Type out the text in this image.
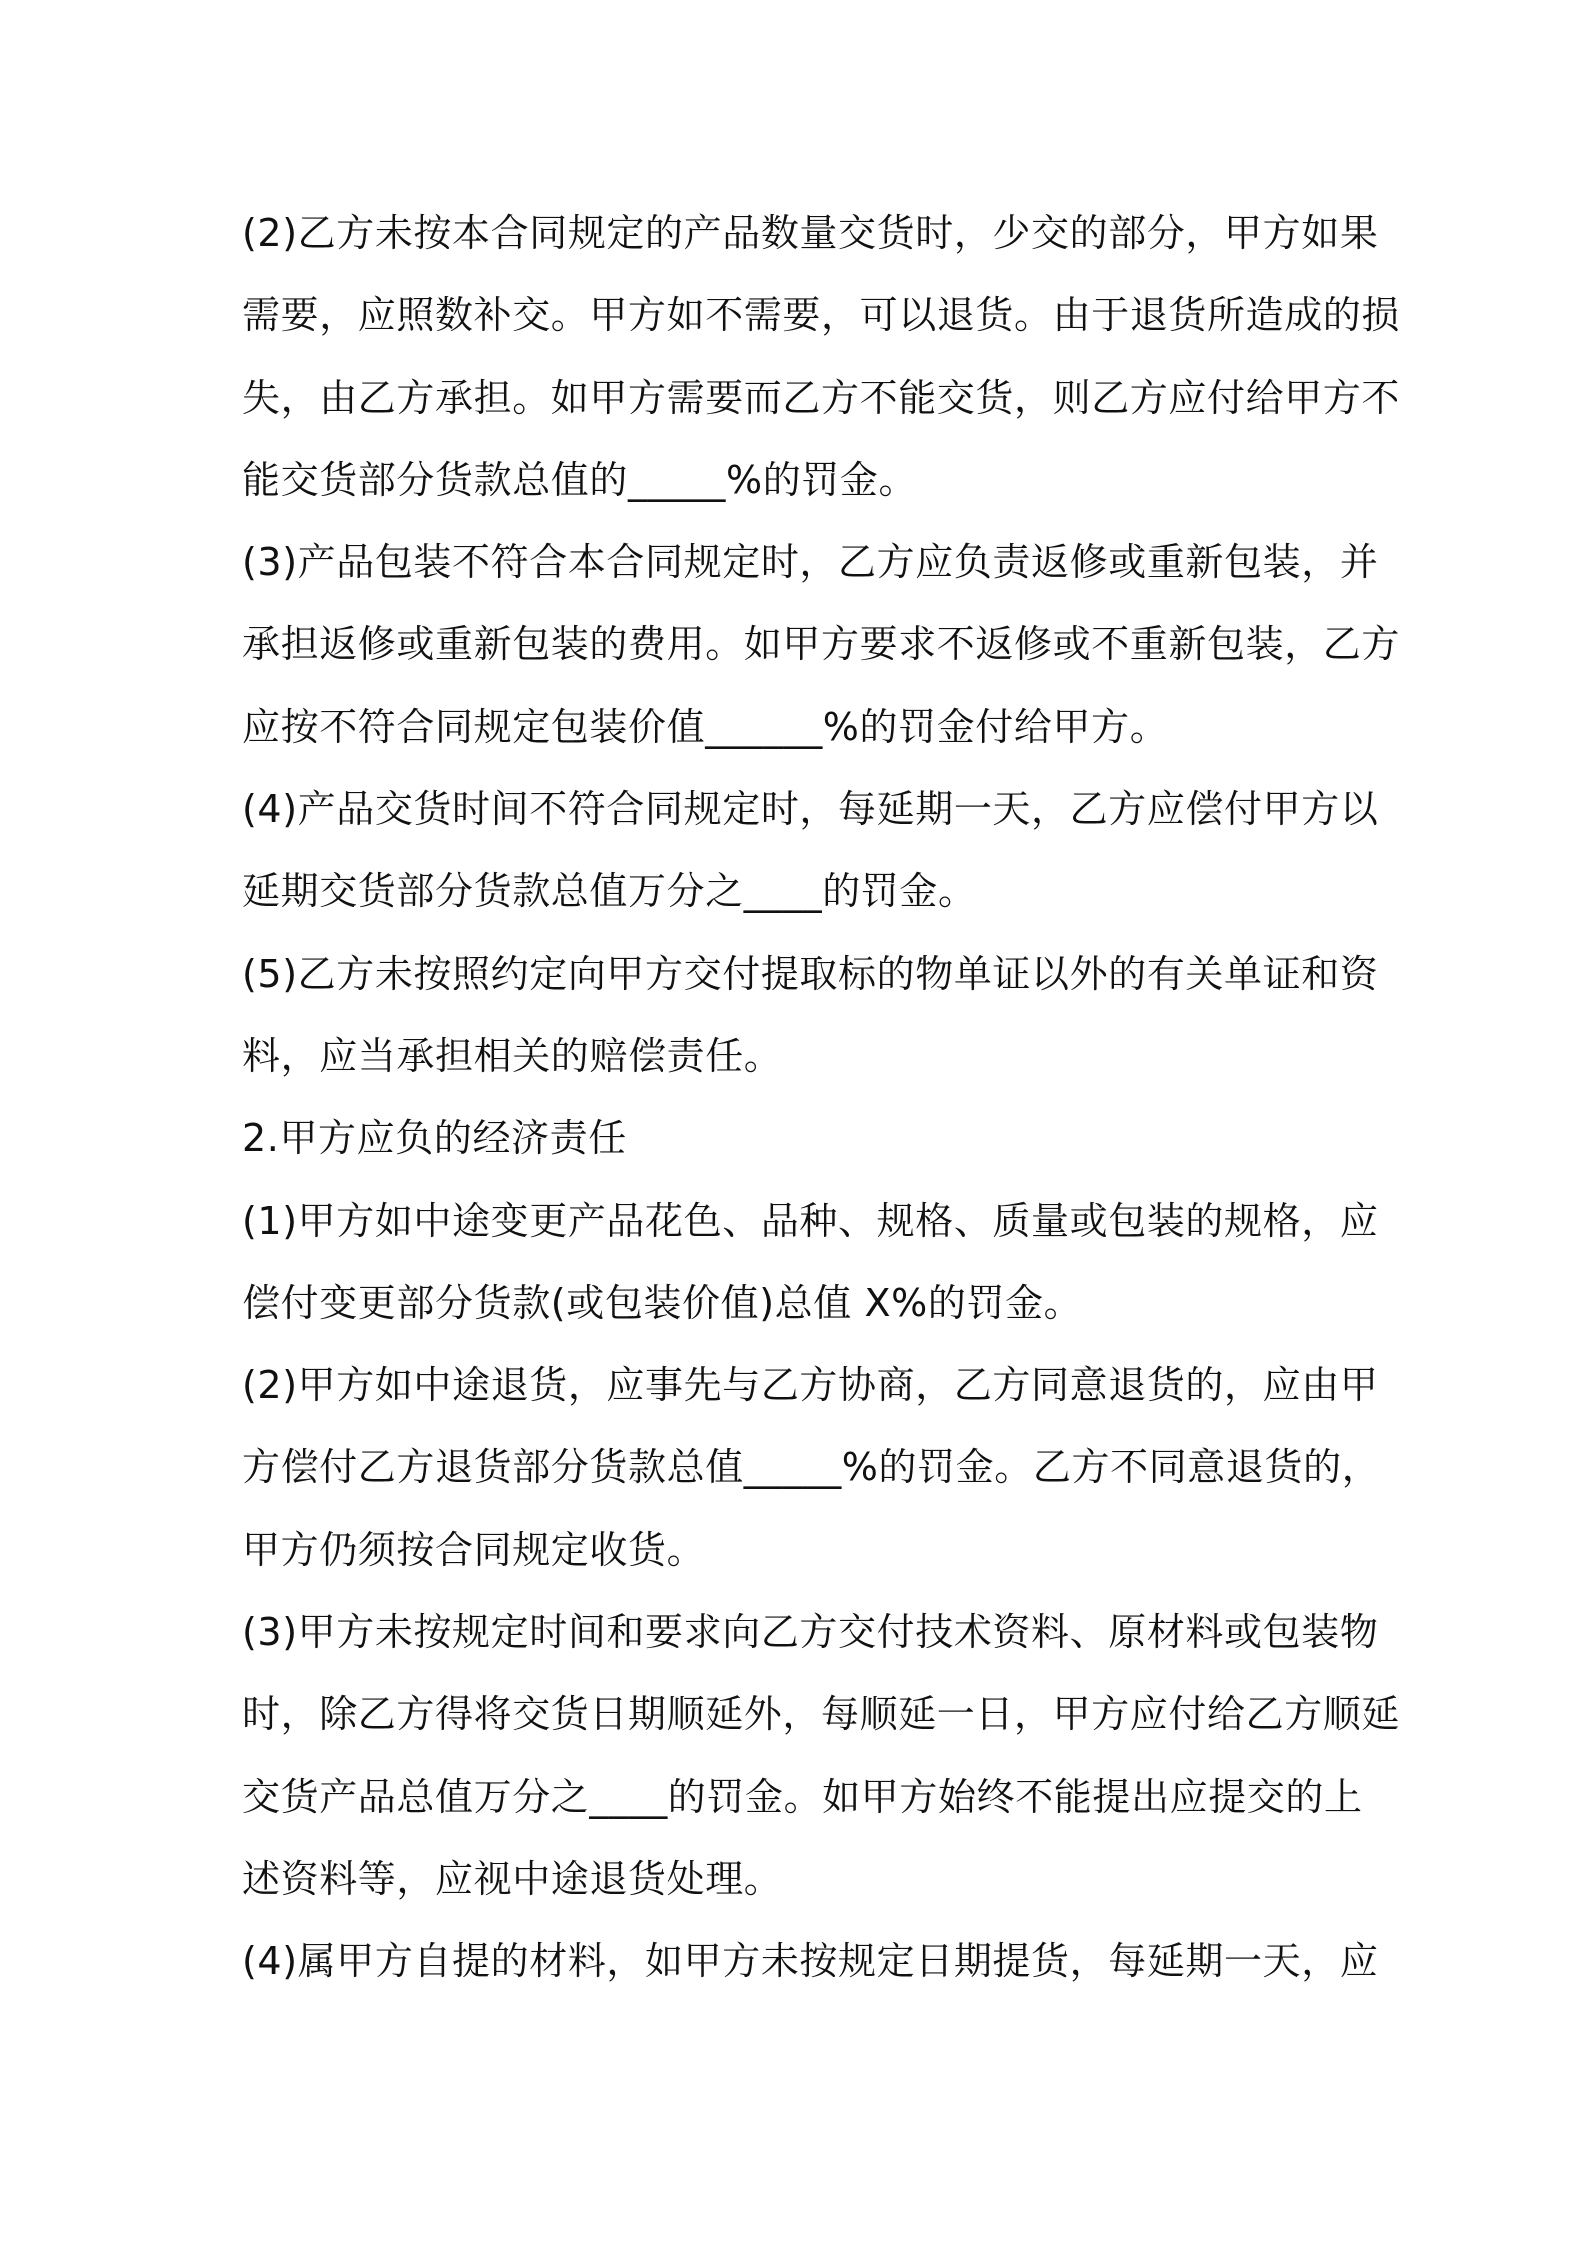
(2)乙方未按本合同规定的产品数量交货时，少交的部分，甲方如果
需要，应照数补交。甲方如不需要，可以退货。由于退货所造成的损
失，由乙方承担。如甲方需要而乙方不能交货，则乙方应付给甲方不
能交货部分货款总值的_____%的罚金。
(3)产品包装不符合本合同规定时，乙方应负责返修或重新包装，并
承担返修或重新包装的费用。如甲方要求不返修或不重新包装，乙方
应按不符合同规定包装价值______%的罚金付给甲方。
(4)产品交货时间不符合同规定时，每延期一天，乙方应偿付甲方以
延期交货部分货款总值万分之____的罚金。
(5)乙方未按照约定向甲方交付提取标的物单证以外的有关单证和资
料，应当承担相关的赔偿责任。
2.甲方应负的经济责任
(1)甲方如中途变更产品花色、品种、规格、质量或包装的规格，应
偿付变更部分货款(或包装价值)总值 X%的罚金。
(2)甲方如中途退货，应事先与乙方协商，乙方同意退货的，应由甲
方偿付乙方退货部分货款总值_____%的罚金。乙方不同意退货的，
甲方仍须按合同规定收货。
(3)甲方未按规定时间和要求向乙方交付技术资料、原材料或包装物
时，除乙方得将交货日期顺延外，每顺延一日，甲方应付给乙方顺延
交货产品总值万分之____的罚金。如甲方始终不能提出应提交的上
述资料等，应视中途退货处理。
(4)属甲方自提的材料，如甲方未按规定日期提货，每延期一天，应
